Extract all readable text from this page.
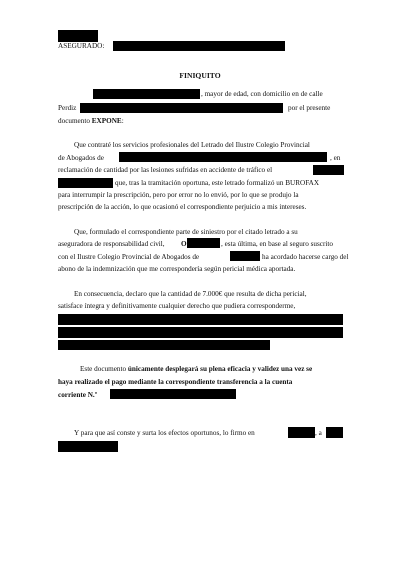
ASEGURADO:
FINIQUITO
, mayor de edad, con domicilio en de calle
Perdiz	por el presente
documento EXPONE:
Que contraté los servicios profesionales del Letrado del Ilustre Colegio Provincial
de Abogados de	, en
reclamación de cantidad por las lesiones sufridas en accidente de tráfico el
que, tras la tramitación oportuna, este letrado formalizó un BUROFAX
para interrumpir la prescripción, pero por error no lo envió, por lo que se produjo la
prescripción de la acción, lo que ocasionó el correspondiente perjuicio a mis intereses.
Que, formulado el correspondiente parte de siniestro por el citado letrado a su
aseguradora de responsabilidad civil, O	, esta última, en base al seguro suscrito
con el Ilustre Colegio Provincial de Abogados de	ha acordado hacerse cargo del
abono de la indemnización que me correspondería según pericial médica aportada.
En consecuencia, declaro que la cantidad de 7.000€ que resulta de dicha pericial,
satisface íntegra y definitivamente cualquier derecho que pudiera corresponderme,
Este documento únicamente desplegará su plena eficacia y validez una vez se
haya realizado el pago mediante la correspondiente transferencia a la cuenta
corriente N.º
Y para que así conste y surta los efectos oportunos, lo firmo en	, a
